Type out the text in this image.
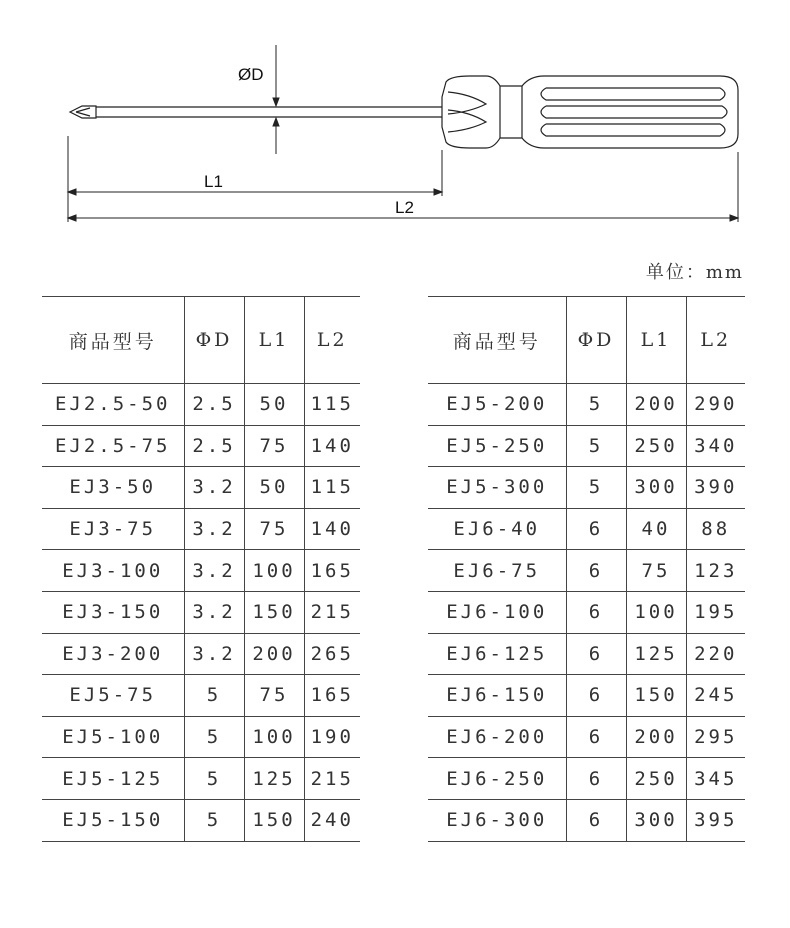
ØD
L1
L2
单位：mm
商品型号	ΦD	L1	L2
EJ2.5-50	2.5	50	115
EJ2.5-75	2.5	75	140
EJ3-50	3.2	50	115
EJ3-75	3.2	75	140
EJ3-100	3.2	100	165
EJ3-150	3.2	150	215
EJ3-200	3.2	200	265
EJ5-75	5	75	165
EJ5-100	5	100	190
EJ5-125	5	125	215
EJ5-150	5	150	240
商品型号	ΦD	L1	L2
EJ5-200	5	200	290
EJ5-250	5	250	340
EJ5-300	5	300	390
EJ6-40	6	40	88
EJ6-75	6	75	123
EJ6-100	6	100	195
EJ6-125	6	125	220
EJ6-150	6	150	245
EJ6-200	6	200	295
EJ6-250	6	250	345
EJ6-300	6	300	395
